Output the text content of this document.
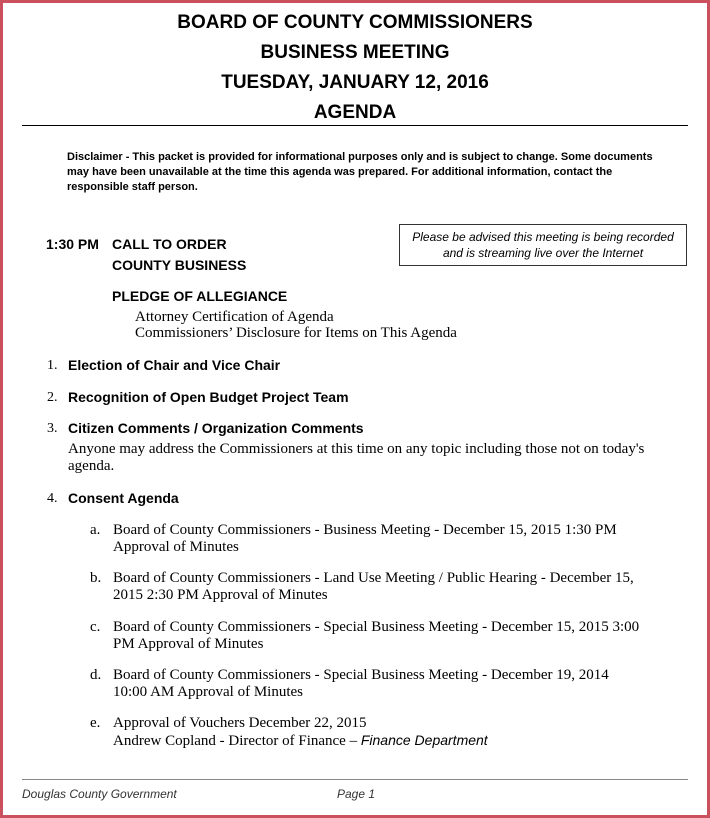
BOARD OF COUNTY COMMISSIONERS
BUSINESS MEETING
TUESDAY, JANUARY 12, 2016
AGENDA
Disclaimer - This packet is provided for informational purposes only and is subject to change. Some documents may have been unavailable at the time this agenda was prepared. For additional information, contact the responsible staff person.
Please be advised this meeting is being recorded
and is streaming live over the Internet
1:30 PM CALL TO ORDER
COUNTY BUSINESS
PLEDGE OF ALLEGIANCE
Attorney Certification of Agenda
Commissioners’ Disclosure for Items on This Agenda
1. Election of Chair and Vice Chair
2. Recognition of Open Budget Project Team
3. Citizen Comments / Organization Comments
Anyone may address the Commissioners at this time on any topic including those not on today's agenda.
4. Consent Agenda
a. Board of County Commissioners - Business Meeting - December 15, 2015 1:30 PM Approval of Minutes
b. Board of County Commissioners - Land Use Meeting / Public Hearing - December 15, 2015 2:30 PM Approval of Minutes
c. Board of County Commissioners - Special Business Meeting - December 15, 2015 3:00 PM Approval of Minutes
d. Board of County Commissioners - Special Business Meeting - December 19, 2014 10:00 AM Approval of Minutes
e. Approval of Vouchers December 22, 2015
Andrew Copland - Director of Finance – Finance Department
Douglas County Government	Page 1
